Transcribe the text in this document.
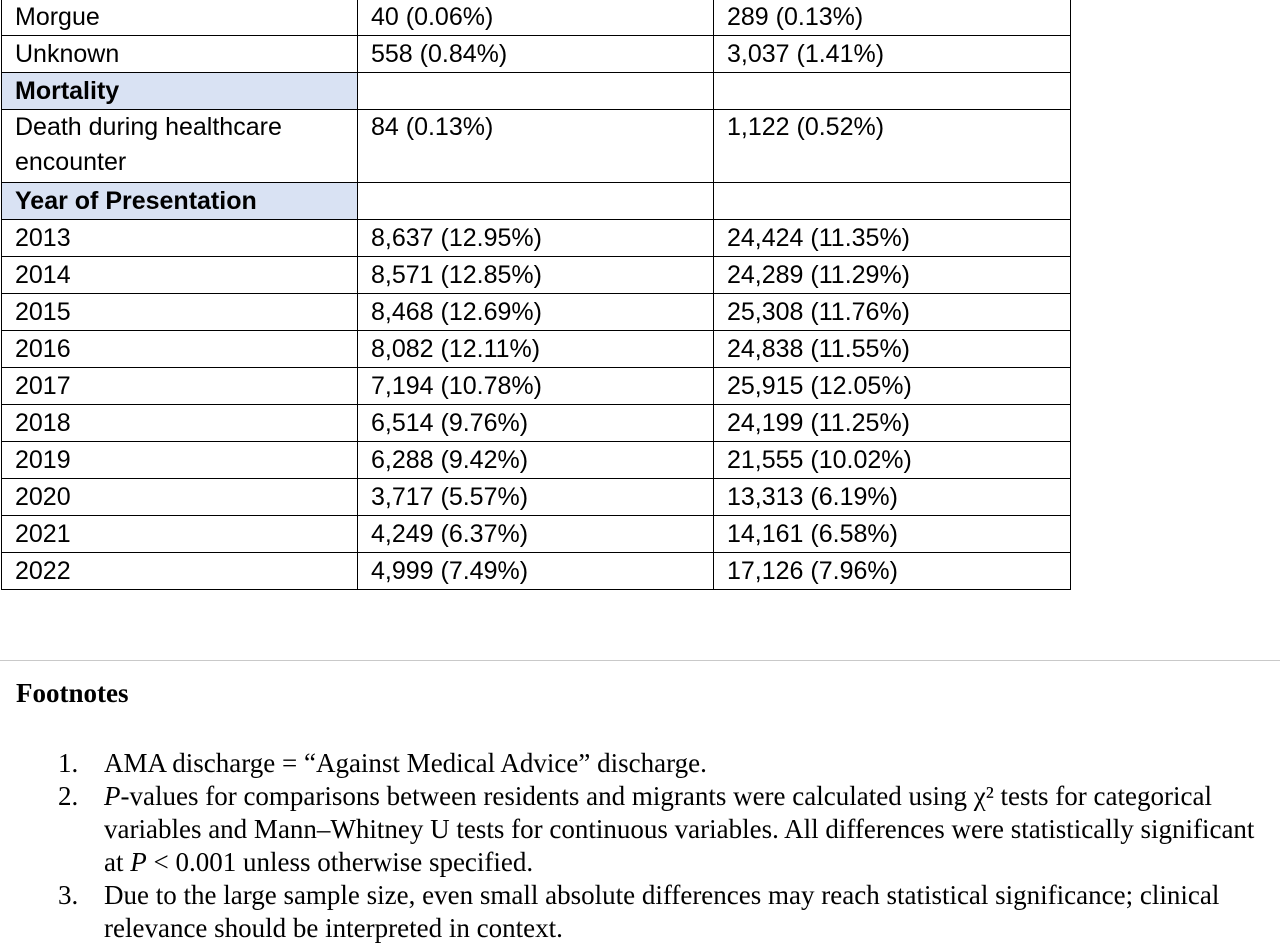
Morgue	40 (0.06%)	289 (0.13%)
Unknown	558 (0.84%)	3,037 (1.41%)
Mortality		
Death during healthcare encounter	84 (0.13%)	1,122 (0.52%)
Year of Presentation		
2013	8,637 (12.95%)	24,424 (11.35%)
2014	8,571 (12.85%)	24,289 (11.29%)
2015	8,468 (12.69%)	25,308 (11.76%)
2016	8,082 (12.11%)	24,838 (11.55%)
2017	7,194 (10.78%)	25,915 (12.05%)
2018	6,514 (9.76%)	24,199 (11.25%)
2019	6,288 (9.42%)	21,555 (10.02%)
2020	3,717 (5.57%)	13,313 (6.19%)
2021	4,249 (6.37%)	14,161 (6.58%)
2022	4,999 (7.49%)	17,126 (7.96%)
Footnotes
1. AMA discharge = “Against Medical Advice” discharge.
2. P-values for comparisons between residents and migrants were calculated using χ² tests for categorical variables and Mann–Whitney U tests for continuous variables. All differences were statistically significant at P < 0.001 unless otherwise specified.
3. Due to the large sample size, even small absolute differences may reach statistical significance; clinical relevance should be interpreted in context.
